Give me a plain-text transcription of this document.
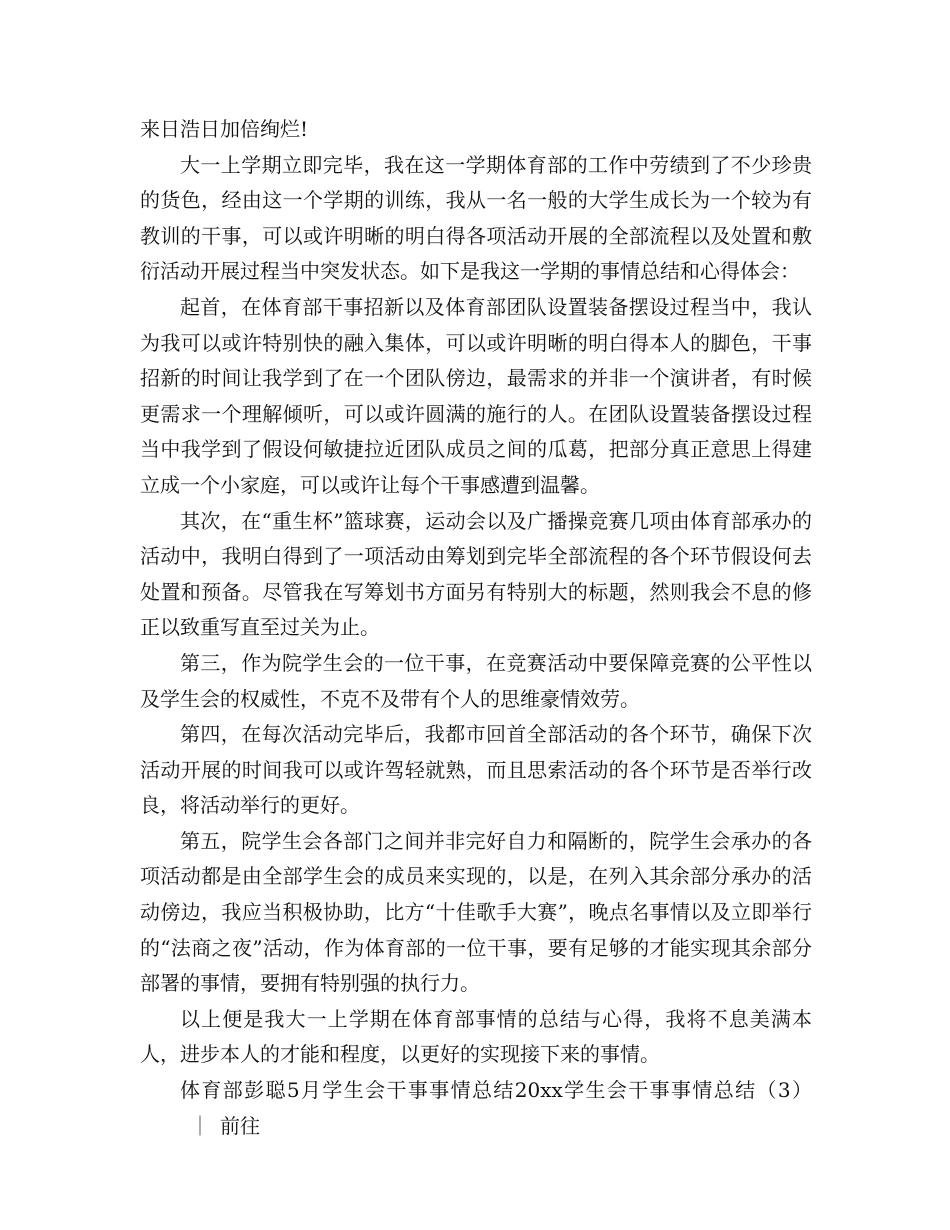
来日浩日加倍绚烂!

大一上学期立即完毕，我在这一学期体育部的工作中劳绩到了不少珍贵的货色，经由这一个学期的训练，我从一名一般的大学生成长为一个较为有教训的干事，可以或许明晰的明白得各项活动开展的全部流程以及处置和敷衍活动开展过程当中突发状态。如下是我这一学期的事情总结和心得体会：

起首，在体育部干事招新以及体育部团队设置装备摆设过程当中，我认为我可以或许特别快的融入集体，可以或许明晰的明白得本人的脚色，干事招新的时间让我学到了在一个团队傍边，最需求的并非一个演讲者，有时候更需求一个理解倾听，可以或许圆满的施行的人。在团队设置装备摆设过程当中我学到了假设何敏捷拉近团队成员之间的瓜葛，把部分真正意思上得建立成一个小家庭，可以或许让每个干事感遭到温馨。

其次，在“重生杯”篮球赛，运动会以及广播操竞赛几项由体育部承办的活动中，我明白得到了一项活动由筹划到完毕全部流程的各个环节假设何去处置和预备。尽管我在写筹划书方面另有特别大的标题，然则我会不息的修正以致重写直至过关为止。

第三，作为院学生会的一位干事，在竞赛活动中要保障竞赛的公平性以及学生会的权威性，不克不及带有个人的思维豪情效劳。

第四，在每次活动完毕后，我都市回首全部活动的各个环节，确保下次活动开展的时间我可以或许驾轻就熟，而且思索活动的各个环节是否举行改良，将活动举行的更好。

第五，院学生会各部门之间并非完好自力和隔断的，院学生会承办的各项活动都是由全部学生会的成员来实现的，以是，在列入其余部分承办的活动傍边，我应当积极协助，比方“十佳歌手大赛”，晚点名事情以及立即举行的“法商之夜”活动，作为体育部的一位干事，要有足够的才能实现其余部分部署的事情，要拥有特别强的执行力。

以上便是我大一上学期在体育部事情的总结与心得，我将不息美满本人，进步本人的才能和程度，以更好的实现接下来的事情。

体育部彭聪5月学生会干事事情总结20xx学生会干事事情总结（3）｜ 前往
